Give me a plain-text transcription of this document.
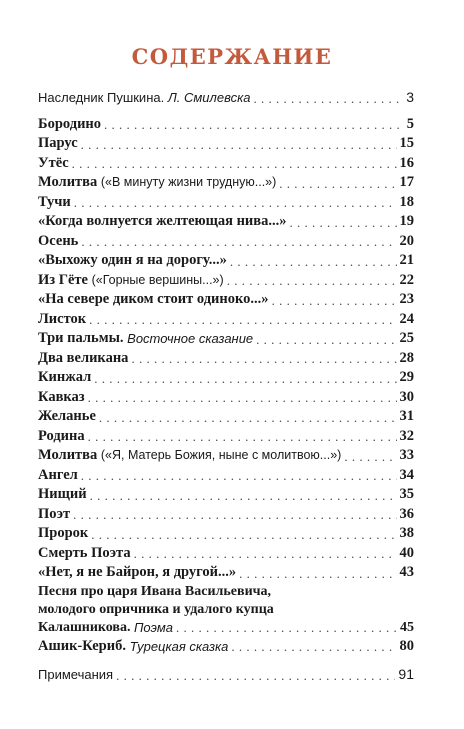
СОДЕРЖАНИЕ
Наследник Пушкина.
Л. Смилевска . . .	3
Бородино . . .	5
Парус . . .	15
Утёс . . .	16
Молитва
(«В минуту жизни трудную...») . . .	17
Тучи . . .	18
«Когда волнуется желтеющая нива...» . . .	19
Осень . . .	20
«Выхожу один я на дорогу...» . . .	21
Из Гёте
(«Горные вершины...») . . .	22
«На севере диком стоит одиноко...» . . .	23
Листок . . .	24
Три пальмы.
Восточное сказание . . .	25
Два великана . . .	28
Кинжал . . .	29
Кавказ . . .	30
Желанье . . .	31
Родина . . .	32
Молитва
(«Я, Матерь Божия, ныне с молитвою...») . . .	33
Ангел . . .	34
Нищий . . .	35
Поэт . . .	36
Пророк . . .	38
Смерть Поэта . . .	40
«Нет, я не Байрон, я другой...» . . .	43
Песня про царя Ивана Васильевича,
молодого опричника и удалого купца
Калашникова.
Поэма . . .	45
Ашик-Кериб.
Турецкая сказка . . .	80
Примечания . . .	91
